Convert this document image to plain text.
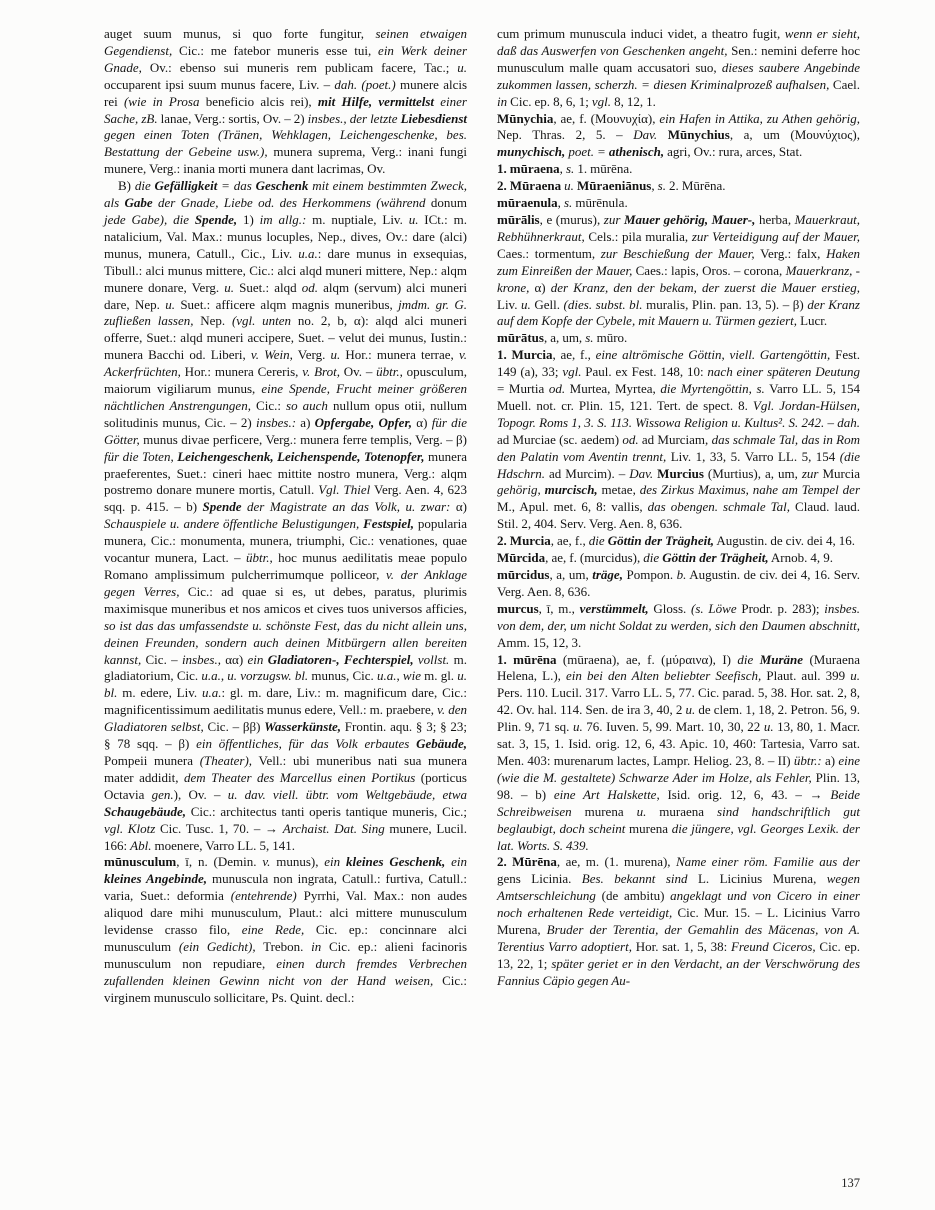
auget suum munus, si quo forte fungitur, seinen etwaigen Gegendienst, Cic.: me fatebor muneris esse tui, ein Werk deiner Gnade, Ov.: ebenso sui muneris rem publicam facere, Tac.; u. occuparent ipsi suum munus facere, Liv. – dah. (poet.) munere alcis rei (wie in Prosa beneficio alcis rei), mit Hilfe, vermittelst einer Sache, zB. lanae, Verg.: sortis, Ov. – 2) insbes., der letzte Liebesdienst gegen einen Toten (Tränen, Wehklagen, Leichengeschenke, bes. Bestattung der Gebeine usw.), munera suprema, Verg.: inani fungi munere, Verg.: inania morti munera dant lacrimas, Ov.

B) die Gefälligkeit = das Geschenk mit einem bestimmten Zweck, als Gabe der Gnade, Liebe od. des Herkommens (während donum jede Gabe), die Spende, 1) im allg.: m. nuptiale, Liv. u. ICt.: m. natalicium, Val. Max.: munus locuples, Nep., dives, Ov.: dare (alci) munus, munera, Catull., Cic., Liv. u.a.: dare munus in exsequias, Tibull.: alci munus mittere, Cic.: alci alqd muneri mittere, Nep.: alqm munere donare, Verg. u. Suet.: alqd od. alqm (servum) alci muneri dare, Nep. u. Suet.: afficere alqm magnis muneribus, jmdm. gr. G. zufließen lassen, Nep. (vgl. unten no. 2, b, α): alqd alci muneri offerre, Suet.: alqd muneri accipere, Suet. – velut dei munus, Iustin.: munera Bacchi od. Liberi, v. Wein, Verg. u. Hor.: munera terrae, v. Ackerfrüchten, Hor.: munera Cereris, v. Brot, Ov. – übtr., opusculum, maiorum vigiliarum munus, eine Spende, Frucht meiner größeren nächtlichen Anstrengungen, Cic.: so auch nullum opus otii, nullum solitudinis munus, Cic. – 2) insbes.: a) Opfergabe, Opfer, α) für die Götter, munus divae perficere, Verg.: munera ferre templis, Verg. – β) für die Toten, Leichengeschenk, Leichenspende, Totenopfer, munera praeferentes, Suet.: cineri haec mittite nostro munera, Verg.: alqm postremo donare munere mortis, Catull. Vgl. Thiel Verg. Aen. 4, 623 sqq. p. 415. – b) Spende der Magistrate an das Volk, u. zwar: α) Schauspiele u. andere öffentliche Belustigungen, Festspiel, popularia munera, Cic.: monumenta, munera, triumphi, Cic.: venationes, quae vocantur munera, Lact. – übtr., hoc munus aedilitatis meae populo Romano amplissimum pulcherrimumque polliceor, v. der Anklage gegen Verres, Cic.: ad quae si es, ut debes, paratus, plurimis maximisque muneribus et nos amicos et cives tuos universos afficies, so ist das das umfassendste u. schönste Fest, das du nicht allein uns, deinen Freunden, sondern auch deinen Mitbürgern allen bereiten kannst, Cic. – insbes., αα) ein Gladiatoren-, Fechterspiel, vollst. m. gladiatorium, Cic. u.a., u. vorzugsw. bl. munus, Cic. u.a., wie m. gl. u. bl. m. edere, Liv. u.a.: gl. m. dare, Liv.: m. magnificum dare, Cic.: magnificentissimum aedilitatis munus edere, Vell.: m. praebere, v. den Gladiatoren selbst, Cic. – ββ) Wasserkünste, Frontin. aqu. § 3; § 23; § 78 sqq. – β) ein öffentliches, für das Volk erbautes Gebäude, Pompeii munera (Theater), Vell.: ubi muneribus nati sua munera mater addidit, dem Theater des Marcellus einen Portikus (porticus Octavia gen.), Ov. – u. dav. viell. übtr. vom Weltgebäude, etwa Schaugebäude, Cic.: architectus tanti operis tantique muneris, Cic.; vgl. Klotz Cic. Tusc. 1, 70. – → Archaist. Dat. Sing munere, Lucil. 166: Abl. moenere, Varro LL. 5, 141.

mūnusculum, ī, n. (Demin. v. munus), ein kleines Geschenk, ein kleines Angebinde, munuscula non ingrata, Catull.: furtiva, Catull.: varia, Suet.: deformia (entehrende) Pyrrhi, Val. Max.: non audes aliquod dare mihi munusculum, Plaut.: alci mittere munusculum levidense crasso filo, eine Rede, Cic. ep.: concinnare alci munusculum (ein Gedicht), Trebon. in Cic. ep.: alieni facinoris munusculum non repudiare, einen durch fremdes Verbrechen zufallenden kleinen Gewinn nicht von der Hand weisen, Cic.: virginem munusculo sollicitare, Ps. Quint. decl.:

cum primum munuscula induci videt, a theatro fugit, wenn er sieht, daß das Auswerfen von Geschenken angeht, Sen.: nemini deferre hoc munusculum malle quam accusatori suo, dieses saubere Angebinde zukommen lassen, scherzh. = diesen Kriminalprozeß aufhalsen, Cael. in Cic. ep. 8, 6, 1; vgl. 8, 12, 1.

Mūnychia, ae, f. (Μουνυχία), ein Hafen in Attika, zu Athen gehörig, Nep. Thras. 2, 5. – Dav. Mūnychius, a, um (Μουνύχιος), munychisch, poet. = athenisch, agri, Ov.: rura, arces, Stat.

1. mūraena, s. 1. mūrēna.

2. Mūraena u. Mūraeniānus, s. 2. Mūrēna.

mūraenula, s. mūrēnula.

mūrālis, e (murus), zur Mauer gehörig, Mauer-, herba, Mauerkraut, Rebhühnerkraut, Cels.: pila muralia, zur Verteidigung auf der Mauer, Caes.: tormentum, zur Beschießung der Mauer, Verg.: falx, Haken zum Einreißen der Mauer, Caes.: lapis, Oros. – corona, Mauerkranz, -krone, α) der Kranz, den der bekam, der zuerst die Mauer erstieg, Liv. u. Gell. (dies. subst. bl. muralis, Plin. pan. 13, 5). – β) der Kranz auf dem Kopfe der Cybele, mit Mauern u. Türmen geziert, Lucr.

mūrātus, a, um, s. mūro.

1. Murcia, ae, f., eine altrömische Göttin, viell. Gartengöttin, Fest. 149 (a), 33; vgl. Paul. ex Fest. 148, 10: nach einer späteren Deutung = Murtia od. Murtea, Myrtea, die Myrtengöttin, s. Varro LL. 5, 154 Muell. not. cr. Plin. 15, 121. Tert. de spect. 8. Vgl. Jordan-Hülsen, Topogr. Roms 1, 3. S. 113. Wissowa Religion u. Kultus². S. 242. – dah. ad Murciae (sc. aedem) od. ad Murciam, das schmale Tal, das in Rom den Palatin vom Aventin trennt, Liv. 1, 33, 5. Varro LL. 5, 154 (die Hdschrn. ad Murcim). – Dav. Murcius (Murtius), a, um, zur Murcia gehörig, murcisch, metae, des Zirkus Maximus, nahe am Tempel der M., Apul. met. 6, 8: vallis, das obengen. schmale Tal, Claud. laud. Stil. 2, 404. Serv. Verg. Aen. 8, 636.

2. Murcia, ae, f., die Göttin der Trägheit, Augustin. de civ. dei 4, 16.

Mūrcida, ae, f. (murcidus), die Göttin der Trägheit, Arnob. 4, 9.

mūrcidus, a, um, träge, Pompon. b. Augustin. de civ. dei 4, 16. Serv. Verg. Aen. 8, 636.

murcus, ī, m., verstümmelt, Gloss. (s. Löwe Prodr. p. 283); insbes. von dem, der, um nicht Soldat zu werden, sich den Daumen abschnitt, Amm. 15, 12, 3.

1. mūrēna (mūraena), ae, f. (μύραινα), I) die Muräne (Muraena Helena, L.), ein bei den Alten beliebter Seefisch, Plaut. aul. 399 u. Pers. 110. Lucil. 317. Varro LL. 5, 77. Cic. parad. 5, 38. Hor. sat. 2, 8, 42. Ov. hal. 114. Sen. de ira 3, 40, 2 u. de clem. 1, 18, 2. Petron. 56, 9. Plin. 9, 71 sq. u. 76. Iuven. 5, 99. Mart. 10, 30, 22 u. 13, 80, 1. Macr. sat. 3, 15, 1. Isid. orig. 12, 6, 43. Apic. 10, 460: Tartesia, Varro sat. Men. 403: murenarum lactes, Lampr. Heliog. 23, 8. – II) übtr.: a) eine (wie die M. gestaltete) Schwarze Ader im Holze, als Fehler, Plin. 13, 98. – b) eine Art Halskette, Isid. orig. 12, 6, 43. – → Beide Schreibweisen murena u. muraena sind handschriftlich gut beglaubigt, doch scheint murena die jüngere, vgl. Georges Lexik. der lat. Worts. S. 439.

2. Mūrēna, ae, m. (1. murena), Name einer röm. Familie aus der gens Licinia. Bes. bekannt sind L. Licinius Murena, wegen Amtserschleichung (de ambitu) angeklagt und von Cicero in einer noch erhaltenen Rede verteidigt, Cic. Mur. 15. – L. Licinius Varro Murena, Bruder der Terentia, der Gemahlin des Mäcenas, von A. Terentius Varro adoptiert, Hor. sat. 1, 5, 38: Freund Ciceros, Cic. ep. 13, 22, 1; später geriet er in den Verdacht, an der Verschwörung des Fannius Cäpio gegen Au-

137
